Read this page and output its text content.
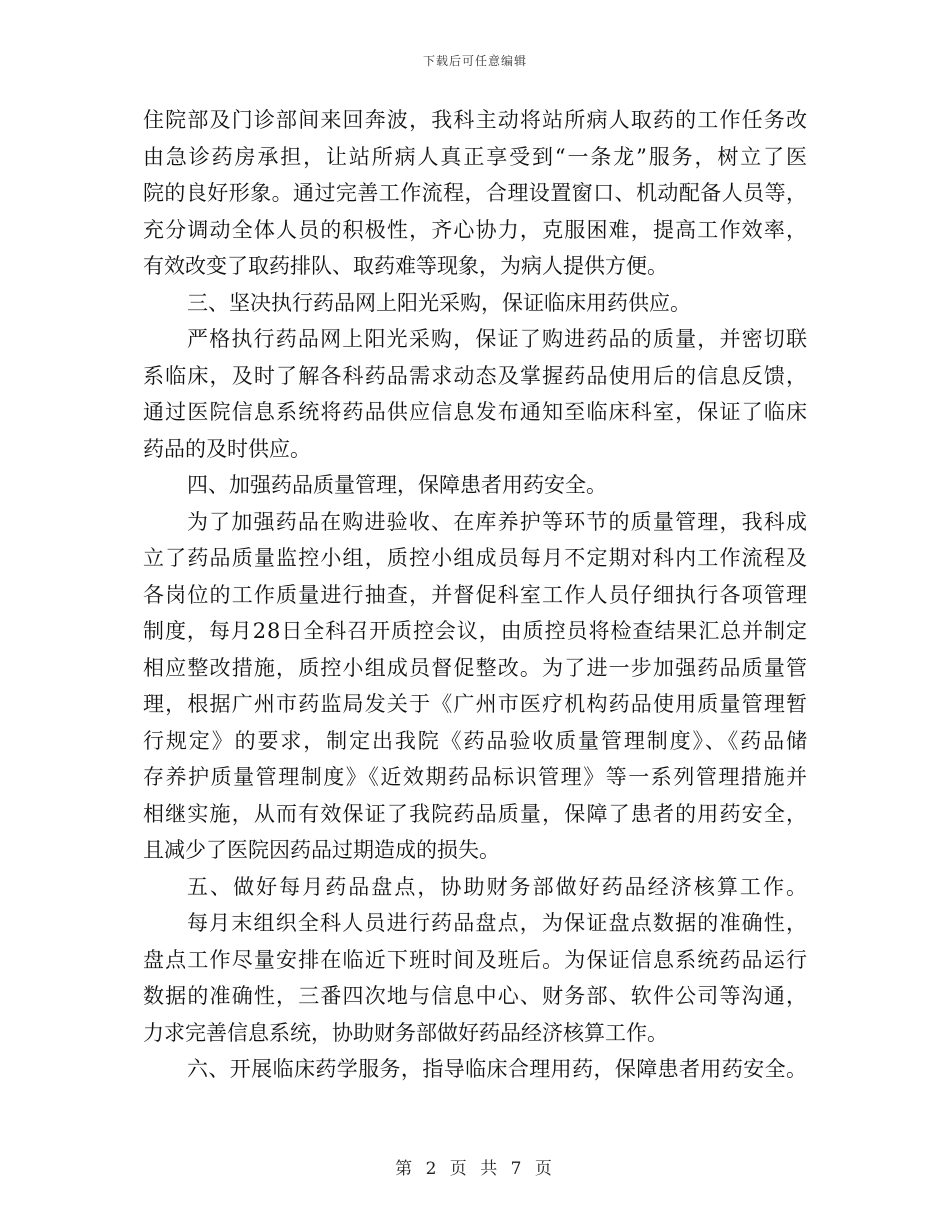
下载后可任意编辑
住院部及门诊部间来回奔波，我科主动将站所病人取药的工作任务改
由急诊药房承担，让站所病人真正享受到“一条龙”服务，树立了医
院的良好形象。通过完善工作流程，合理设置窗口、机动配备人员等，
充分调动全体人员的积极性，齐心协力，克服困难，提高工作效率，
有效改变了取药排队、取药难等现象，为病人提供方便。
三、坚决执行药品网上阳光采购，保证临床用药供应。
严格执行药品网上阳光采购，保证了购进药品的质量，并密切联
系临床，及时了解各科药品需求动态及掌握药品使用后的信息反馈，
通过医院信息系统将药品供应信息发布通知至临床科室，保证了临床
药品的及时供应。
四、加强药品质量管理，保障患者用药安全。
为了加强药品在购进验收、在库养护等环节的质量管理，我科成
立了药品质量监控小组，质控小组成员每月不定期对科内工作流程及
各岗位的工作质量进行抽查，并督促科室工作人员仔细执行各项管理
制度，每月28日全科召开质控会议，由质控员将检查结果汇总并制定
相应整改措施，质控小组成员督促整改。为了进一步加强药品质量管
理，根据广州市药监局发关于《广州市医疗机构药品使用质量管理暂
行规定》的要求，制定出我院《药品验收质量管理制度》、《药品储
存养护质量管理制度》《近效期药品标识管理》等一系列管理措施并
相继实施，从而有效保证了我院药品质量，保障了患者的用药安全，
且减少了医院因药品过期造成的损失。
五、做好每月药品盘点，协助财务部做好药品经济核算工作。
每月末组织全科人员进行药品盘点，为保证盘点数据的准确性，
盘点工作尽量安排在临近下班时间及班后。为保证信息系统药品运行
数据的准确性，三番四次地与信息中心、财务部、软件公司等沟通，
力求完善信息系统，协助财务部做好药品经济核算工作。
六、开展临床药学服务，指导临床合理用药，保障患者用药安全。
第 2 页 共 7 页
